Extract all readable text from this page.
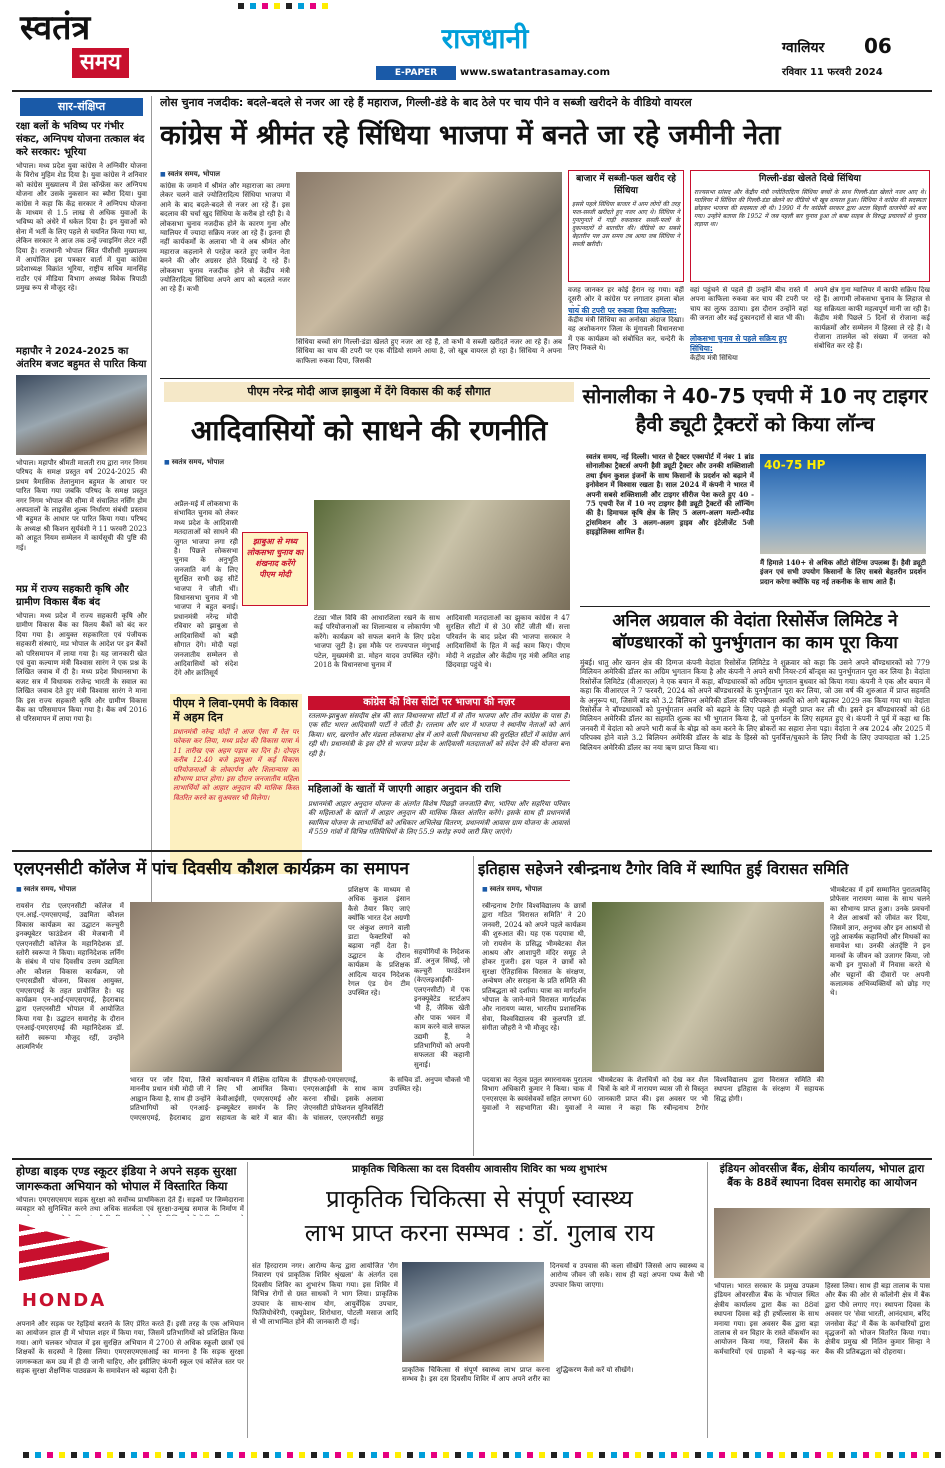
स्वतंत्र
समय
राजधानी
E-PAPER	www.swatantrasamay.com
ग्वालियर 06
रविवार 11 फरवरी 2024
सार-संक्षिप्त
रक्षा बलों के भविष्य पर गंभीर संकट, अग्निपथ योजना तत्काल बंद करे सरकार: भूरिया
भोपाल। मध्य प्रदेश युवा कांग्रेस ने अग्निवीर योजना के विरोध मुहिम शेड दिया है। युवा कांग्रेस ने शनिवार को कांग्रेस मुख्यालय में प्रेस कॉन्फ्रेंस कर अग्निपथ योजना और उसके नुकसान का ब्यौरा दिया। युवा कांग्रेस ने कहा कि केंद्र सरकार ने अग्निपथ योजना के माध्यम से 1.5 लाख से अधिक युवाओं के भविष्य को अंधेरे में धकेल दिया है। इन युवाओं को सेना में भर्ती के लिए पहले से चयनित किया गया था, लेकिन सरकार ने आज तक उन्हें ज्वाइनिंग लेटर नहीं दिया है। राजधानी भोपाल स्थित पीसीसी मुख्यालय में आयोजित इस पत्रकार वार्ता में युवा कांग्रेस प्रदेशाध्यक्ष विक्रांत भूरिया, राष्ट्रीय सचिव मानसिंह राठौर एवं मीडिया विभाग अध्यक्ष विवेक त्रिपाठी प्रमुख रूप से मौजूद रहे।
महापौर ने 2024-2025 का अंतरिम बजट बहुमत से पारित किया
भोपाल। महापौर श्रीमती मालती राय द्वारा नगर निगम परिषद के समक्ष प्रस्तुत वर्ष 2024-2025 की प्रथम त्रैमासिक तेलानुमान बहुमत के आधार पर पारित किया गया जबकि परिषद के समक्ष प्रस्तुत नगर निगम भोपाल की सीमा में संचालित नर्सिंग होम अस्पतालों के लाइसेंस शुल्क निर्धारण संबंधी प्रस्ताव भी बहुमत के आधार पर पारित किया गया। परिषद के अध्यक्ष श्री किशन सूर्यवंशी ने 11 फरवरी 2023 को आहूत नियम सम्मेलन में कार्यसूची की पुष्टि की गई।
मप्र में राज्य सहकारी कृषि और ग्रामीण विकास बैंक बंद
भोपाल। मध्य प्रदेश में राज्य सहकारी कृषि और ग्रामीण विकास बैंक का विलय बैंकों को बंद कर दिया गया है। आयुक्त सहकारिता एवं पंजीयक सहकारी संस्थाएं, मप्र भोपाल के आदेश पर इन बैंकों को परिसमापन में लाया गया है। यह जानकारी खेत एवं युवा कल्याण मंत्री विश्वास सारंग ने एक प्रश्न के लिखित जवाब में दी है। मध्य प्रदेश विधानसभा के बजट सत्र में विधायक राजेन्द्र भारती के सवाल का लिखित जवाब देते हुए मंत्री विश्वास सारंग ने माना कि इस राज्य सहकारी कृषि और ग्रामीण विकास बैंक का परिसमापन किया गया है। बैंक वर्ष 2016 से परिसमापन में लाया गया है।
लोस चुनाव नजदीक: बदले-बदले से नजर आ रहे हैं महाराज, गिल्ली-डंडे के बाद ठेले पर चाय पीने व सब्जी खरीदने के वीडियो वायरल
कांग्रेस में श्रीमंत रहे सिंधिया भाजपा में बनते जा रहे जमीनी नेता
■ स्वतंत्र समय, भोपाल
कांग्रेस के जमाने में श्रीमंत और महाराजा का तमगा लेकर चलने वाले ज्योतिरादित्य सिंधिया भाजपा में आने के बाद बदले-बदले से नजर आ रहे हैं। इस बदलाव की चर्चा खुद सिंधिया के करीब हो रही है। वे लोकसभा चुनाव नजदीक होने के कारण गुना और ग्वालियर में ज्यादा सक्रिय नजर आ रहे हैं। इतना ही नहीं कार्यकर्मों के अलावा भी वे अब श्रीमंत और महाराज कहलाने से परहेज करते हुए जमीन नेता बनने की और अग्रसर होते दिखाई दे रहे हैं। लोकसभा चुनाव नजदीक होने से केंद्रीय मंत्री ज्योतिरादित्य सिंधिया अपने आप को बदलते नजर आ रहे हैं। कभी
सिंधिया बच्चों संग गिल्ली-डंडा खेलते हुए नजर आ रहे हैं, तो कभी वे सब्जी खरीदते नजर आ रहे हैं। अब सिंधिया का चाय की टपरी पर एक वीडियो सामने आया है, जो खूब वायरल हो रहा है। सिंधिया ने अपना काफिला रुकवा दिया, जिसकी
बाजार में सब्जी-फल खरीद रहे सिंधिया
इससे पहले सिंधिया बाजार में आम लोगों की तरह फल-सब्जी खरीदते हुए नजर आए थे। सिंधिया ने गुनागुनाते में गाड़ी रुकवाकर सब्जी-फलों के दुकानदारों से बातचीत की। वीडियो का सबसे बेहतरीन पल उस समय तब आया जब सिंधिया ने सब्जी खरीदी।
गिल्ली-डंडा खेलते दिखे सिंधिया
राज्यसभा सांसद और केंद्रीय मंत्री ज्योतिरादित्य सिंधिया बच्चों के साथ गिल्ली-डंडा खेलते नजर आए थे। ग्वालियर में सिंधिया की गिल्ली-डंडा खेलने का वीडियो भी खूब वायरल हुआ। सिंधिया ने कांग्रेस की सदस्यता छोड़कर भाजपा की सदस्यता ली थी। 1990 में गैर कांग्रेसी सरकार द्वारा अटल बिहारी वाजपेयी को बना गया। उन्होंने बताया कि 1952 में जब पहली बार चुनाव हुआ तो बाबा साहब के विरुद्ध प्रचारकों से चुनाव लड़ाया था।
वजह जानकर हर कोई हैरान रह गया। वहीं दूसरी ओर वे कांग्रेस पर लगातार हमला बोल
चाय की टपरी पर रुकवा दिया काफिला:
केंद्रीय मंत्री सिंधिया का अनोखा अंदाज दिखा। वह अशोकनगर जिला के मुंगावली विधानसभा में एक कार्यक्रम को संबोधित कर, चन्देरी के लिए निकले थे।
वहां पहुंचने से पहले ही उन्होंने बीच रास्ते में अपना काफिला रुकवा कर चाय की टपरी पर चाय का लुत्फ उठाया। इस दौरान उन्होंने वहां की जनता और कई दुकानदारों से बात भी की।
लोकसभा चुनाव से पहले सक्रिय हुए सिंधिया:
केंद्रीय मंत्री सिंधिया
अपने क्षेत्र गुना ग्वालियर में काफी सक्रिय दिख रहे हैं। आगामी लोकसभा चुनाव के लिहाज से यह सक्रियता काफी महत्वपूर्ण मानी जा रही है। केंद्रीय मंत्री पिछले 5 दिनों से रोजाना कई कार्यक्रमों और सम्मेलन में हिस्सा ले रहे हैं। वे रोजाना तालमेल को संख्या में जनता को संबोधित कर रहे हैं।
पीएम नरेन्द्र मोदी आज झाबुआ में देंगे विकास की कई सौगात
आदिवासियों को साधने की रणनीति
■ स्वतंत्र समय, भोपाल
अप्रैल-मई में लोकसभा के संभावित चुनाव को लेकर मध्य प्रदेश के आदिवासी मतदाताओं को साधने की जुगत भाजपा लगा रही है। पिछले लोकसभा चुनाव के अनुभूति जनजाति वर्ग के लिए सुरक्षित सभी छह सीटें भाजपा ने जीती थीं। विधानसभा चुनाव में भी भाजपा ने बहुत बनाई। प्रधानमंत्री नरेन्द्र मोदी रविवार को झाबुआ से आदिवासियों को बड़ी सौगात देंगे। मोदी यहां जनजातीय सम्मेलन से आदिवासियों को संदेश देंगे और क्रांतिसूर्य
झाबुआ से मध्य लोकसभा चुनाव का शंखनाद करेंगे पीएम मोदी
टंट्या भील विवि की आधारशिला रखने के साथ कई परियोजनाओं का शिलान्यास व लोकार्पण भी करेंगे। कार्यक्रम को सफल बनाने के लिए प्रदेश भाजपा जुटी है। इस मौके पर राज्यपाल मंगुभाई पटेल, मुख्यमंत्री डा. मोहन यादव उपस्थित रहेंगे। 2018 के विधानसभा चुनाव में
आदिवासी मतदाताओं का झुकाव कांग्रेस ने 47 सुरक्षित सीटों में से 30 सीटें जीती थीं। सत्ता परिवर्तन के बाद प्रदेश की भाजपा सरकार ने आदिवासियों के हित में कई काम किए। पीएम मोदी ने शहडोल और केंद्रीय गृह मंत्री अमित शाह छिंदवाड़ा पहुंचे थे।
पीएम ने लिवा-एमपी के विकास में अहम दिन
प्रधानमंत्री नरेन्द्र मोदी ने आज ऐसा मैं रेल पर फोकस कर लिया, मध्य प्रदेश की विकास यात्रा में 11 तारीख एक अहम पड़ाव का दिन है। दोपहर करीब 12.40 बजे झाबुआ में कई विकास परियोजनाओं के लोकार्पण और शिलान्यास का सौभाग्य प्राप्त होगा। इस दौरान जनजातीय महिला लाभार्थियों को आहार अनुदान की मासिक किस्त वितरित करने का सुअवसर भी मिलेगा।
कांग्रेस की विस सीटों पर भाजपा की नज़र
रतलाम-झाबुआ संसदीय क्षेत्र की सात विधानसभा सीटों में से तीन भाजपा और तीन कांग्रेस के पास है। एक सीट भारत आदिवासी पार्टी ने जीती है। रतलाम और धार में भाजपा ने स्थानीय नेताओं को आगे किया। धार, खरगोन और मंडला लोकसभा क्षेत्र में आने वाली विधानसभा की सुरक्षित सीटों में कांग्रेस आगे रही थी। प्रधानमंत्री के इस दौरे से भाजपा प्रदेश के आदिवासी मतदाताओं को संदेश देने की योजना बना रही है।
महिलाओं के खातों में जाएगी आहार अनुदान की राशि
प्रधानमंत्री आहार अनुदान योजना के अंतर्गत विशेष पिछड़ी जनजाति बैगा, भारिया और सहरिया परिवार की महिलाओं के खातों में आहार अनुदान की मासिक किस्त अंतरित करेंगे। इसके साथ ही प्रधानमंत्री स्वामित्व योजना के लाभार्थियों को अधिकार अभिलेख वितरण, प्रधानमंत्री आवास ग्राम योजना के आवासों में 559 गांवों में विभिन्न गतिविधियों के लिए 55.9 करोड़ रुपये जारी किए जाएंगे।
सोनालीका ने 40-75 एचपी में 10 नए टाइगर हैवी ड्यूटी ट्रैक्टरों को किया लॉन्च
स्वतंत्र समय, नई दिल्ली। भारत से ट्रैक्टर एक्सपोर्ट में नंबर 1 ब्रांड सोनालीका ट्रैक्टर्स अपनी हैवी ड्यूटी ट्रैक्टर और उनकी शक्तिशाली तथा ईंधन कुशल इंजनों के साथ किसानों के प्रदर्शन को बढ़ाने में इनोवेशन में विश्वास रखता है। साल 2024 में कंपनी ने भारत में अपनी सबसे शक्तिशाली और टाइगर सीरीज पेश करते हुए 40 - 75 एचपी रेंज में 10 नए टाइगर हैवी ड्यूटी ट्रैक्टरों की लॉन्चिंग की है। हिमाचल कृषि क्षेत्र के लिए 5 अलग-अलग मल्टी-स्पीड ट्रांसमिशन और 3 अलग-अलग ड्राइव और इंटेलीजेंट 5जी हाइड्रोलिक्स शामिल हैं।
40-75 HP
मैं हिमाले 140+ से अधिक ऑटो सेटिंग्स उपलब्ध हैं। हैवी ड्यूटी इंजन एवं सभी उपयोग किसानों के लिए सबसे बेहतरीन प्रदर्शन प्रदान करेगा क्योंकि यह नई तकनीक के साथ आते हैं।
अनिल अग्रवाल की वेदांता रिसोर्सेज लिमिटेड ने बॉण्डधारकों को पुनर्भुगतान का काम पूरा किया
मुंबई। धातु और खनन क्षेत्र की दिग्गज कंपनी वेदांता रिसोर्सेज लिमिटेड ने शुक्रवार को कहा कि उसने अपने बॉण्डधारकों को 779 मिलियन अमेरिकी डॉलर का अग्रिम भुगतान किया है और कंपनी ने अपने सभी नियर-टर्म बॉन्ड्स का पुनर्भुगतान पूरा कर लिया है। वेदांता रिसोर्सेज लिमिटेड (वीआरएल) ने एक बयान में कहा, बॉण्डधारकों को अग्रिम भुगतान बुधवार को किया गया। कंपनी ने एक और बयान में कहा कि वीआरएल ने 7 फरवरी, 2024 को अपने बॉण्डधारकों के पुनर्भुगतान पूरा कर लिया, जो उस वर्ष की शुरुआत में प्राप्त सहमति के अनुरूप था, जिसमें बांड को 3.2 बिलियन अमेरिकी डॉलर की परिपक्वता अवधि को आगे बढ़ाकर 2029 तक किया गया था। वेदांता रिसोर्सेज ने बॉण्डधारकों को पुनर्भुगतान अवधि को बढ़ाने के लिए पहले ही मंजूरी प्राप्त कर ली थी। इसने इन बॉण्डधारकों को 68 मिलियन अमेरिकी डॉलर का सहमति शुल्क का भी भुगतान किया है, जो पुनर्गठन के लिए सहमत हुए थे। कंपनी ने पूर्व में कहा था कि जनवरी में वेदांता को अपने भारी कर्ज के बोझ को कम करने के लिए ब्रोकरों का सहारा लेना पड़ा। वेदांता ने अब 2024 और 2025 में परिपक्व होने वाले 3.2 बिलियन अमेरिकी डॉलर के बांड के हिस्से को पुनर्वित्त/चुकाने के लिए निधी के लिए उपायदाता को 1.25 बिलियन अमेरिकी डॉलर का नया ऋण प्राप्त किया था।
एलएनसीटी कॉलेज में पांच दिवसीय कौशल कार्यक्रम का समापन
■ स्वतंत्र समय, भोपाल
रायसेन रोड एलएनसीटी कॉलेज में एन.आई.-एमएसएमई, उद्यमिता कौशल विकास कार्यक्रम का उद्घाटन कल्चुरी इनक्यूबेटर फाउंडेशन की मेजबानी में एलएनसीटी कॉलेज के महानिदेशक डॉ. स्तोरी स्वरूपा ने किया। महानिदेशक लर्निंग के संबंध में पांच दिवसीय उत्तम उद्यमिता और कौशल विकास कार्यक्रम, जो एनएसडीसी योजना, विकास आयुक्त, एमएसएमई के तहत प्रायोजित है। यह कार्यक्रम एन-आई-एमएसएमई, हैदराबाद द्वारा एलएनसीटी भोपाल में आयोजित किया गया है। उद्घाटन समारोह के दौरान एनआई-एमएसएमई की महानिदेशक डॉ. स्तोरी स्वरूपा मौजूद रहीं, उन्होंने आत्मनिर्भर
प्रशिक्षण के माध्यम से अधिक कुशल इंसान कैसे तैयार किए जाएं क्योंकि भारत देश अग्रणी पर अंकुश लगाने वाली डाटा फेक्टरियों को बढ़ावा नहीं देता है। उद्घाटन के दौरान कार्यक्रम के प्रशिक्षक आदित्य यादव निदेशक रेगल एंड ग्रेन टीम उपस्थित रहे।
सहयोगियों के निदेशक डॉ. अनुज सिंघई, जो कल्चुरी फाउंडेशन (केएलइआईसी-एलएनसीटी) में एक इनक्यूबेटेड स्टार्टअप भी है, जैविक खेती और पाक भवन में काम करने वाले सफल उद्यमी हैं, ने प्रतिभागियों को अपनी सफलता की कहानी सुनाई।
भारत पर जोर दिया, जिसे माननीय प्रधान मंत्री मोदी जी ने आह्वान किया है, साथ ही उन्होंने प्रतिभागियों को एनआई-एमएसएमई, हैदराबाद द्वारा कार्यान्वयन में शैक्षिक दायित्व के लिए भी आमंत्रित किया। केवीआईसी, एमएसएमई और इन्क्यूबेटर समर्थन के लिए सहायता के बारे में बात की। डीएफओ-एमएसएमई, एनएसआईसी के साथ काम करना सीखें। इसके अलावा जेएनसीटी प्रोफेशनल यूनिवर्सिटी के चांसलर, एलएनसीटी समूह के सचिव डॉ. अनुपम चौकसे भी उपस्थित रहे।
इतिहास सहेजने रबीन्द्रनाथ टैगोर विवि में स्थापित हुई विरासत समिति
■ स्वतंत्र समय, भोपाल
रबीन्द्रनाथ टैगोर विश्वविद्यालय के छात्रों द्वारा गठित 'विरासत समिति' ने 20 जनवरी, 2024 को अपने पहले कार्यक्रम की शुरुआत की। यह एक पदयात्रा थी, जो रायसेन के प्रसिद्ध भीमबेटका शैल आश्रय और आशापुरी मंदिर समूह ले होकर गुजरी। इस पहल ने छात्रों को सुरक्षा ऐतिहासिक विरासत के संरक्षण, अन्वेषण और सराहना के प्रति समिति की प्रतिबद्धता को दर्शाया। यात्रा का मार्गदर्शन भोपाल के जाने-माने विरासत मार्गदर्शक और नारायण व्यास, भारतीय प्रशासनिक सेवा, विश्वविद्यालय की कुलपति डॉ. संगीता जौहरी ने भी मौजूद रहे।
भीमबेटका में हमें सम्मानित पुरातत्वविद् प्रोफेसर नारायण व्यास के साथ चलने का सौभाग्य प्राप्त हुआ। उनके प्रवचनों ने शैल आश्रयों को जीवंत कर दिया, जिसमें ज्ञान, अनुभव और इन आश्रयों से जुड़े आकर्षक कहानियों और मिथकों का समावेश था। उनकी अंतर्दृष्टि ने इन मानवों के जीवन को उजागर किया, जो कभी इन गुफाओं में निवास करते थे और चट्टानों की दीवारों पर अपनी कलात्मक अभिव्यक्तियों को छोड़ गए थे।
पदयात्रा का नेतृत्व प्रतुल स्मारनायक पुरातत्व विभाग अधिकारी कुमार ने किया। चाक में एनएसएस के स्वयंसेवकों सहित लगभग 60 युवाओं ने सहभागिता की। युवाओं ने भीमबेटका के शैलचित्रों को देख कर शैल चित्रों के बारे में नारायण व्यास जी से विस्तृत जानकारी प्राप्त की। इस अवसर पर भी व्यास ने कहा कि रबीन्द्रनाथ टैगोर विश्वविद्यालय द्वारा विरासत समिति की स्थापना इतिहास के संरक्षण में सहायक सिद्ध होगी।
होण्डा बाइक एण्ड स्कूटर इंडिया ने अपने सड़क सुरक्षा जागरूकता अभियान को भोपाल में विस्तारित किया
भोपाल। एमएसएसएम सड़क सुरक्षा को सर्वोच्च प्राथमिकता देते हैं। सड़कों पर जिम्मेदाराना व्यवहार को सुनिश्चित करने तथा अधिक सतर्कता एवं सुरक्षा-उन्मुख समाज के निर्माण में
HONDA
अपनाने और सड़क पर रेहड़ियां बरतने के लिए प्रेरित करते हैं। इसी तरह के एक अभियान का आयोजन हाल ही में भोपाल शहर में किया गया, जिसमें प्रतिभागियों को प्रशिक्षित किया गया। आगे चलकर भोपाल में इस सुरक्षित अभियान में 2700 से अधिक स्कूली छात्रों एवं शिक्षकों के सदस्यों ने हिस्सा लिया। एमएसएमएसआई का मानना है कि सड़क सुरक्षा जागरूकता कम उम्र में ही दी जानी चाहिए, और इसीलिए कंपनी स्कूल एवं कॉलेज स्तर पर सड़क सुरक्षा शैक्षणिक पाठ्यक्रम के समावेशन को बढ़ावा देती है।
प्राकृतिक चिकित्सा का दस दिवसीय आवासीय शिविर का भव्य शुभारंभ
प्राकृतिक चिकित्सा से संपूर्ण स्वास्थ्य
लाभ प्राप्त करना सम्भव : डॉ. गुलाब राय
संत हिरदाराम नगर। आरोग्य केन्द्र द्वारा आयोजित 'रोग निवारण एवं प्राकृतिक शिविर श्रृंखला' के अंतर्गत दस दिवसीय शिविर का शुभारंभ किया गया। इस शिविर में विभिन्न रोगों से ग्रस्त साधकों ने भाग लिया। प्राकृतिक उपचार के साथ-साथ योग, आयुर्वेदिक उपचार, फिजियोथेरेपी, एक्यूप्रेशर, शिरोधारा, पोटली मसाज आदि से भी लाभान्वित होने की जानकारी दी गई।
दिनचर्या व उपवास की कला सीखेंगे जिससे आप स्वास्थ्य व आरोग्य जीवन जी सके। साथ ही यहां अपना पथ्य कैसे भी उपचार किया जाएगा।
प्राकृतिक चिकित्सा से संपूर्ण स्वास्थ्य लाभ प्राप्त करना सम्भव है। इस दस दिवसीय शिविर में आप अपने शरीर का शुद्धिकरण कैसे करें यो सीखेंगे।
इंडियन ओवरसीज बैंक, क्षेत्रीय कार्यालय, भोपाल द्वारा बैंक के 88वें स्थापना दिवस समारोह का आयोजन
भोपाल। भारत सरकार के प्रमुख उपक्रम इंडियन ओवरसीज बैंक के भोपाल स्थित क्षेत्रीय कार्यालय द्वारा बैंक का 88वां स्थापना दिवस बड़े ही हर्षोल्लास के साथ मनाया गया। इस अवसर बैंक द्वारा बड़ा तालाब से वन विहार के रास्ते वॉकथॉन का आयोजन किया गया, जिसमें बैंक के कर्मचारियों एवं ग्राहकों ने बढ़-चढ़ कर हिस्सा लिया। साथ ही बड़ा तालाब के पास और बैंक की ओर से कॉलोनी क्षेत्र में बैंक द्वारा पौधे लगाए गए। स्थापना दिवस के अवसर पर 'सेवा भारती, आनंदधाम, बरिंद जनसेवा केंद्र' में बैंक के कर्मचारियों द्वारा वृद्धजनों को भोजन वितरित किया गया। क्षेत्रीय प्रमुख श्री नितिन कुमार सिन्हा ने बैंक की प्रतिबद्धता को दोहराया।
